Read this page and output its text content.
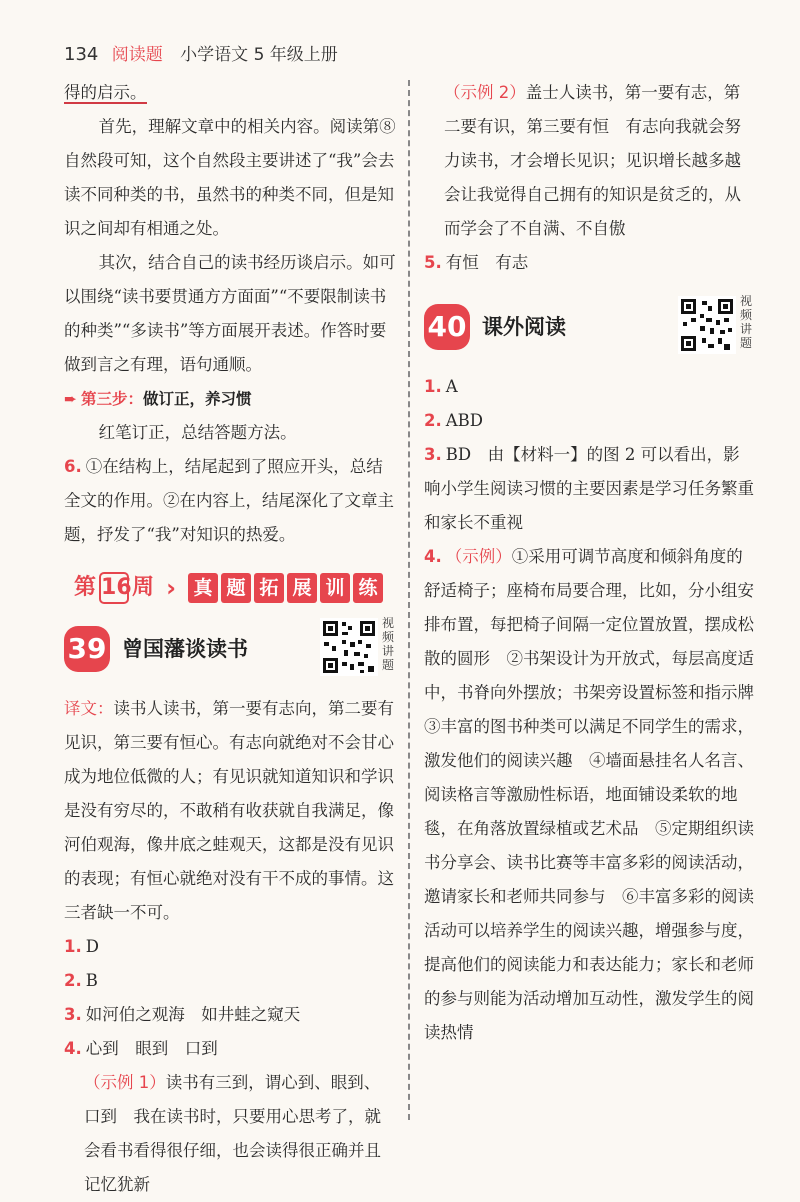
134 阅读题 小学语文 5 年级上册

得的启示。

首先，理解文章中的相关内容。阅读第⑧自然段可知，这个自然段主要讲述了“我”会去读不同种类的书，虽然书的种类不同，但是知识之间却有相通之处。

其次，结合自己的读书经历谈启示。如可以围绕“读书要贯通方方面面”“不要限制读书的种类”“多读书”等方面展开表述。作答时要做到言之有理，语句通顺。

➨ 第三步：做订正，养习惯

红笔订正，总结答题方法。

6. ①在结构上，结尾起到了照应开头，总结全文的作用。②在内容上，结尾深化了文章主题，抒发了“我”对知识的热爱。

第 16 周 › 真 题 拓 展 训 练
39 曾国藩谈读书
视频讲题

译文：读书人读书，第一要有志向，第二要有见识，第三要有恒心。有志向就绝对不会甘心成为地位低微的人；有见识就知道知识和学识是没有穷尽的，不敢稍有收获就自我满足，像河伯观海，像井底之蛙观天，这都是没有见识的表现；有恒心就绝对没有干不成的事情。这三者缺一不可。

1. D

2. B

3. 如河伯之观海　如井蛙之窥天

4. 心到　眼到　口到

（示例 1）读书有三到，谓心到、眼到、口到　我在读书时，只要用心思考了，就会看书看得很仔细，也会读得很正确并且记忆犹新

（示例 2）盖士人读书，第一要有志，第二要有识，第三要有恒　有志向我就会努力读书，才会增长见识；见识增长越多越会让我觉得自己拥有的知识是贫乏的，从而学会了不自满、不自傲

5. 有恒　有志

40 课外阅读
视频讲题

1. A

2. ABD

3. BD　由【材料一】的图 2 可以看出，影响小学生阅读习惯的主要因素是学习任务繁重和家长不重视

4. （示例）①采用可调节高度和倾斜角度的舒适椅子；座椅布局要合理，比如，分小组安排布置，每把椅子间隔一定位置放置，摆成松散的圆形　②书架设计为开放式，每层高度适中，书脊向外摆放；书架旁设置标签和指示牌　③丰富的图书种类可以满足不同学生的需求，激发他们的阅读兴趣　④墙面悬挂名人名言、阅读格言等激励性标语，地面铺设柔软的地毯，在角落放置绿植或艺术品　⑤定期组织读书分享会、读书比赛等丰富多彩的阅读活动，邀请家长和老师共同参与　⑥丰富多彩的阅读活动可以培养学生的阅读兴趣，增强参与度，提高他们的阅读能力和表达能力；家长和老师的参与则能为活动增加互动性，激发学生的阅读热情
